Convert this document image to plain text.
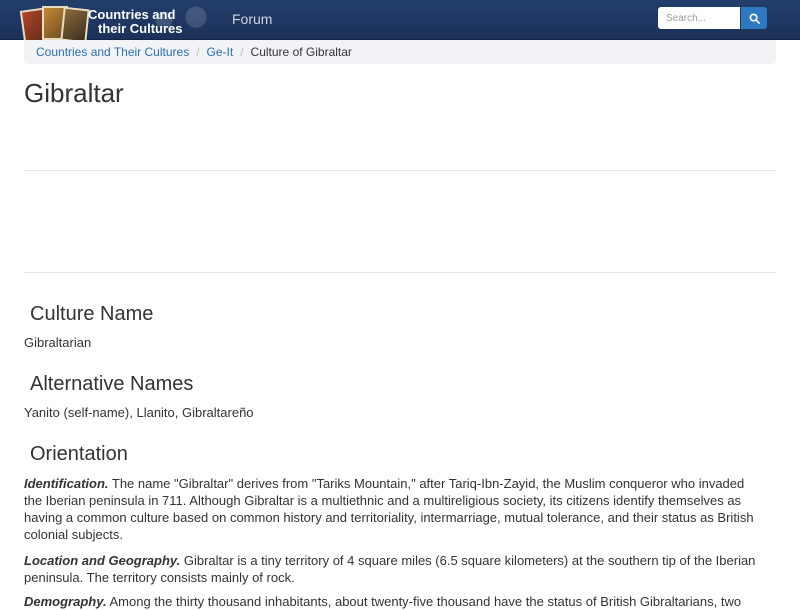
Countries and
their Cultures
Forum
Search...
Countries and Their Cultures / Ge-It / Culture of Gibraltar
Gibraltar
Culture Name

Gibraltarian

Alternative Names

Yanito (self-name), Llanito, Gibraltareño

Orientation

Identification. The name "Gibraltar" derives from "Tariks Mountain," after Tariq-Ibn-Zayid, the Muslim conqueror who invaded the Iberian peninsula in 711. Although Gibraltar is a multiethnic and a multireligious society, its citizens identify themselves as having a common culture based on common history and territoriality, intermarriage, mutual tolerance, and their status as British colonial subjects.

Location and Geography. Gibraltar is a tiny territory of 4 square miles (6.5 square kilometers) at the southern tip of the Iberian peninsula. The territory consists mainly of rock.

Demography. Among the thirty thousand inhabitants, about twenty-five thousand have the status of British Gibraltarians, two
